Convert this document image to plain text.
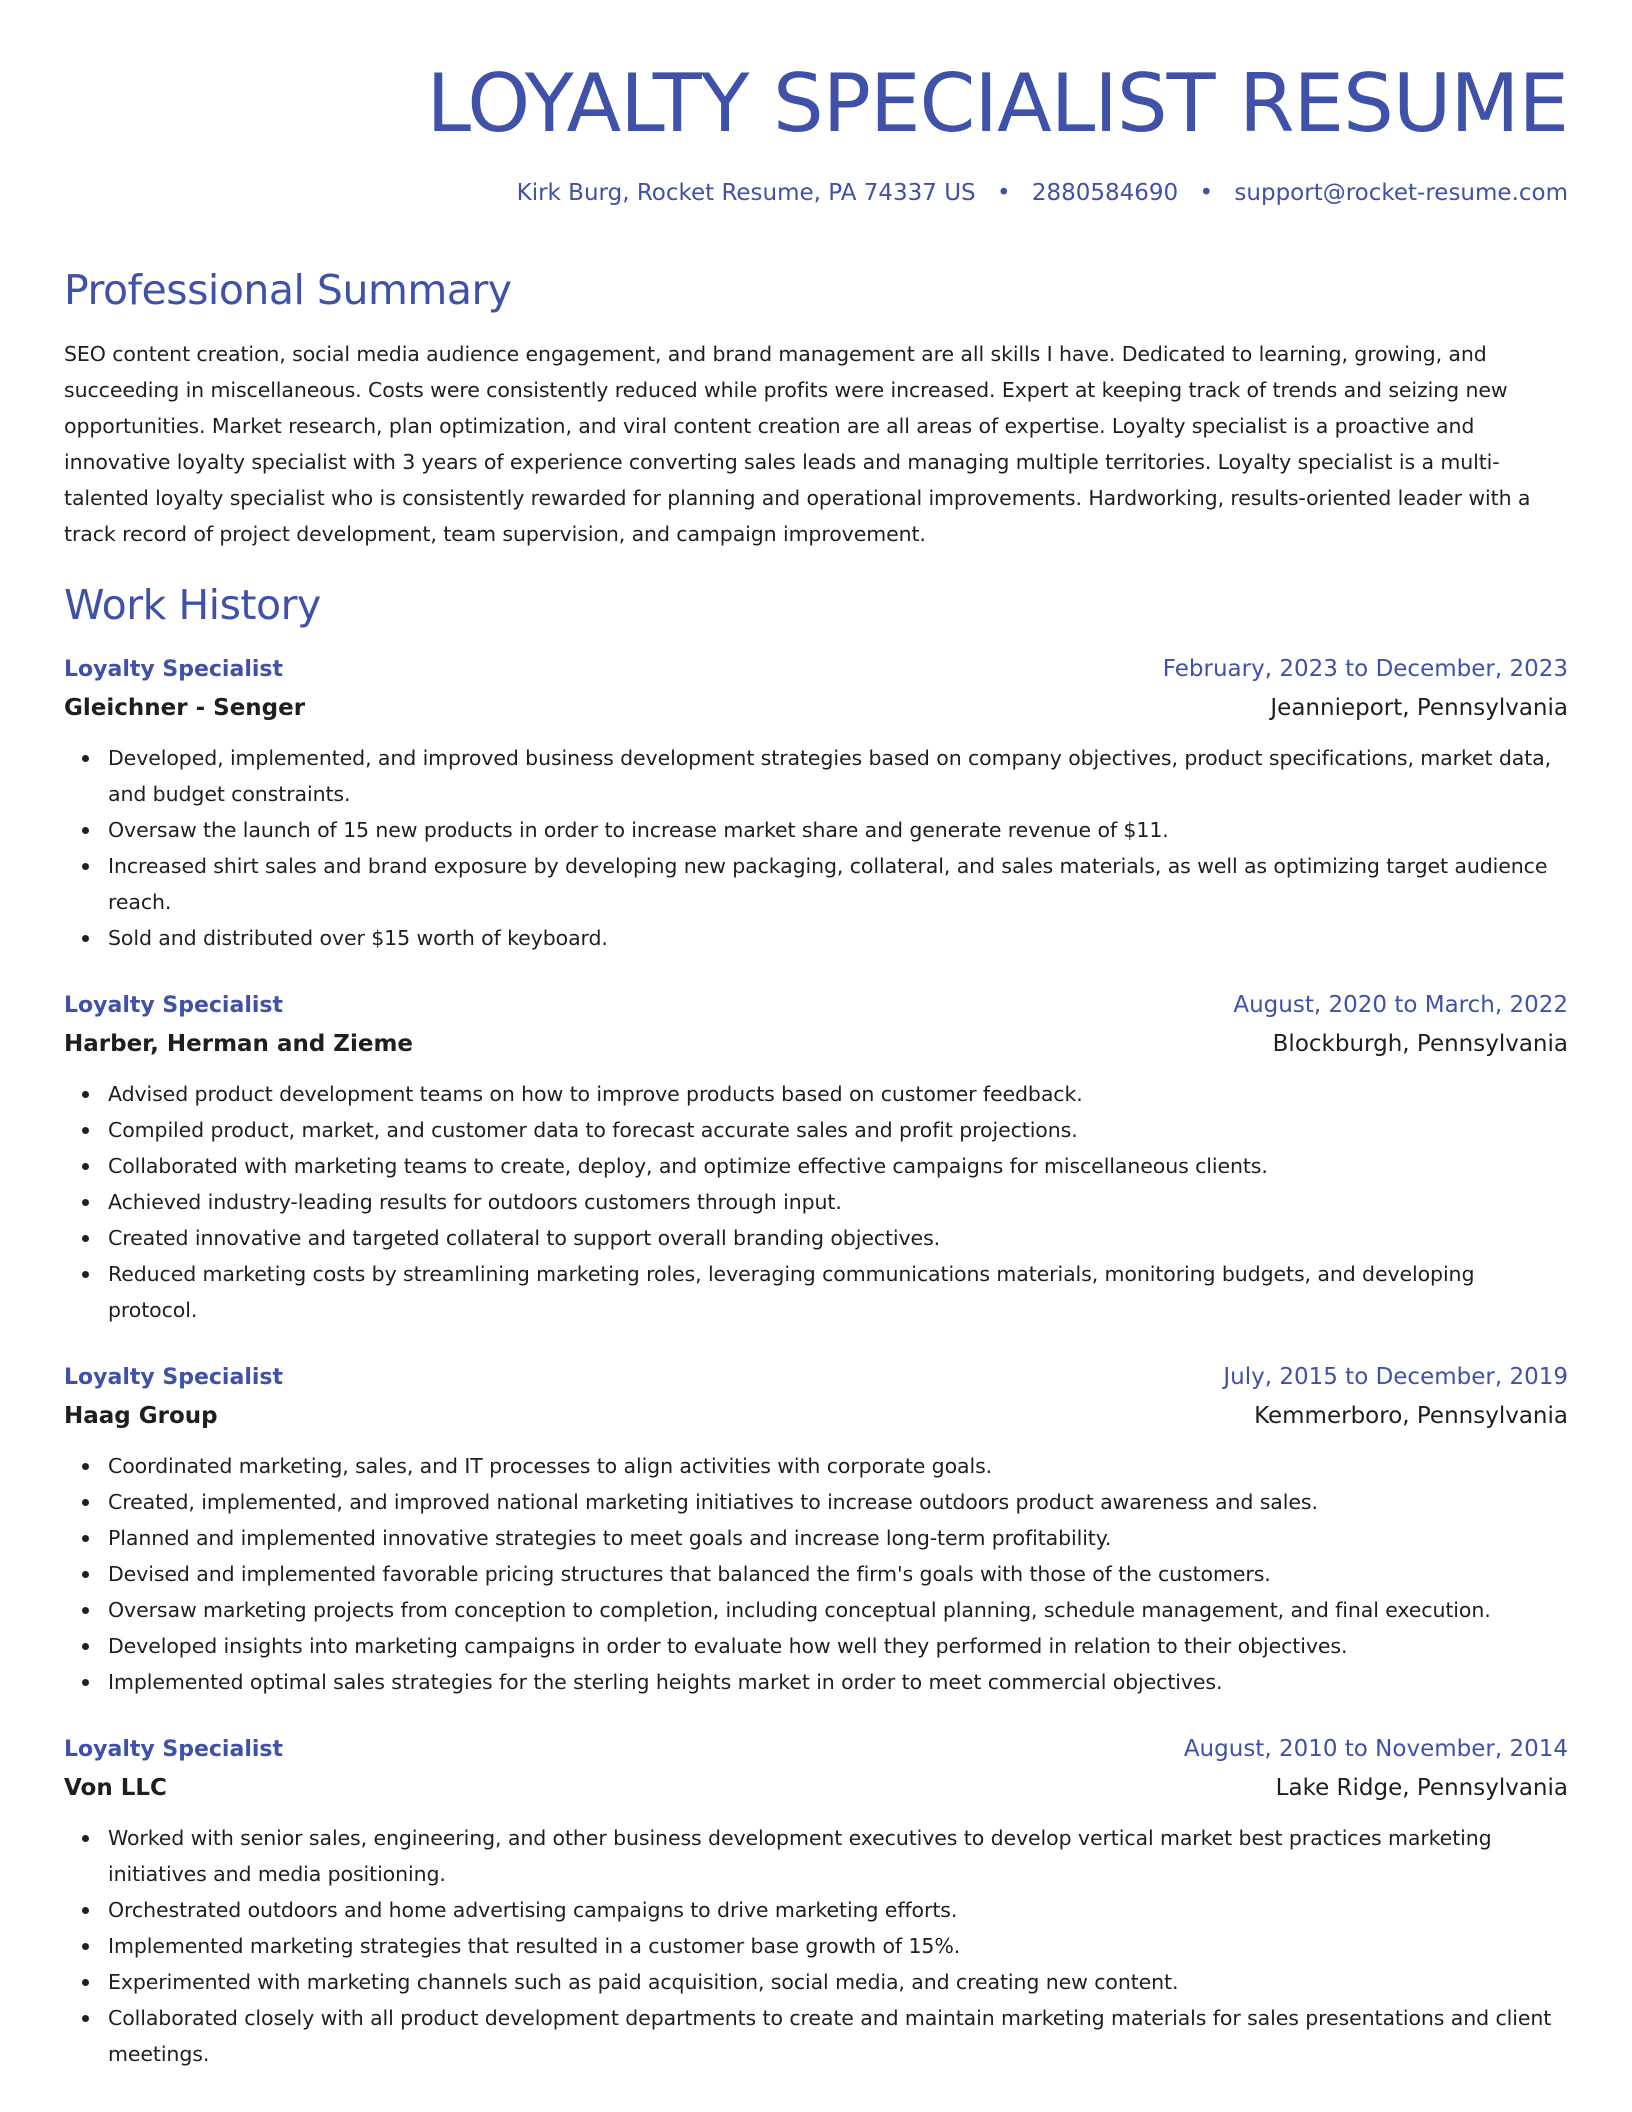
LOYALTY SPECIALIST RESUME
Kirk Burg, Rocket Resume, PA 74337 US • 2880584690 • support@rocket-resume.com
Professional Summary

SEO content creation, social media audience engagement, and brand management are all skills I have. Dedicated to learning, growing, and succeeding in miscellaneous. Costs were consistently reduced while profits were increased. Expert at keeping track of trends and seizing new opportunities. Market research, plan optimization, and viral content creation are all areas of expertise. Loyalty specialist is a proactive and innovative loyalty specialist with 3 years of experience converting sales leads and managing multiple territories. Loyalty specialist is a multi-talented loyalty specialist who is consistently rewarded for planning and operational improvements. Hardworking, results-oriented leader with a track record of project development, team supervision, and campaign improvement.

Work History
Loyalty Specialist	February, 2023 to December, 2023
Gleichner - Senger	Jeannieport, Pennsylvania
Developed, implemented, and improved business development strategies based on company objectives, product specifications, market data, and budget constraints.
Oversaw the launch of 15 new products in order to increase market share and generate revenue of $11.
Increased shirt sales and brand exposure by developing new packaging, collateral, and sales materials, as well as optimizing target audience reach.
Sold and distributed over $15 worth of keyboard.
Loyalty Specialist	August, 2020 to March, 2022
Harber, Herman and Zieme	Blockburgh, Pennsylvania
Advised product development teams on how to improve products based on customer feedback.
Compiled product, market, and customer data to forecast accurate sales and profit projections.
Collaborated with marketing teams to create, deploy, and optimize effective campaigns for miscellaneous clients.
Achieved industry-leading results for outdoors customers through input.
Created innovative and targeted collateral to support overall branding objectives.
Reduced marketing costs by streamlining marketing roles, leveraging communications materials, monitoring budgets, and developing protocol.
Loyalty Specialist	July, 2015 to December, 2019
Haag Group	Kemmerboro, Pennsylvania
Coordinated marketing, sales, and IT processes to align activities with corporate goals.
Created, implemented, and improved national marketing initiatives to increase outdoors product awareness and sales.
Planned and implemented innovative strategies to meet goals and increase long-term profitability.
Devised and implemented favorable pricing structures that balanced the firm's goals with those of the customers.
Oversaw marketing projects from conception to completion, including conceptual planning, schedule management, and final execution.
Developed insights into marketing campaigns in order to evaluate how well they performed in relation to their objectives.
Implemented optimal sales strategies for the sterling heights market in order to meet commercial objectives.
Loyalty Specialist	August, 2010 to November, 2014
Von LLC	Lake Ridge, Pennsylvania
Worked with senior sales, engineering, and other business development executives to develop vertical market best practices marketing initiatives and media positioning.
Orchestrated outdoors and home advertising campaigns to drive marketing efforts.
Implemented marketing strategies that resulted in a customer base growth of 15%.
Experimented with marketing channels such as paid acquisition, social media, and creating new content.
Collaborated closely with all product development departments to create and maintain marketing materials for sales presentations and client meetings.
